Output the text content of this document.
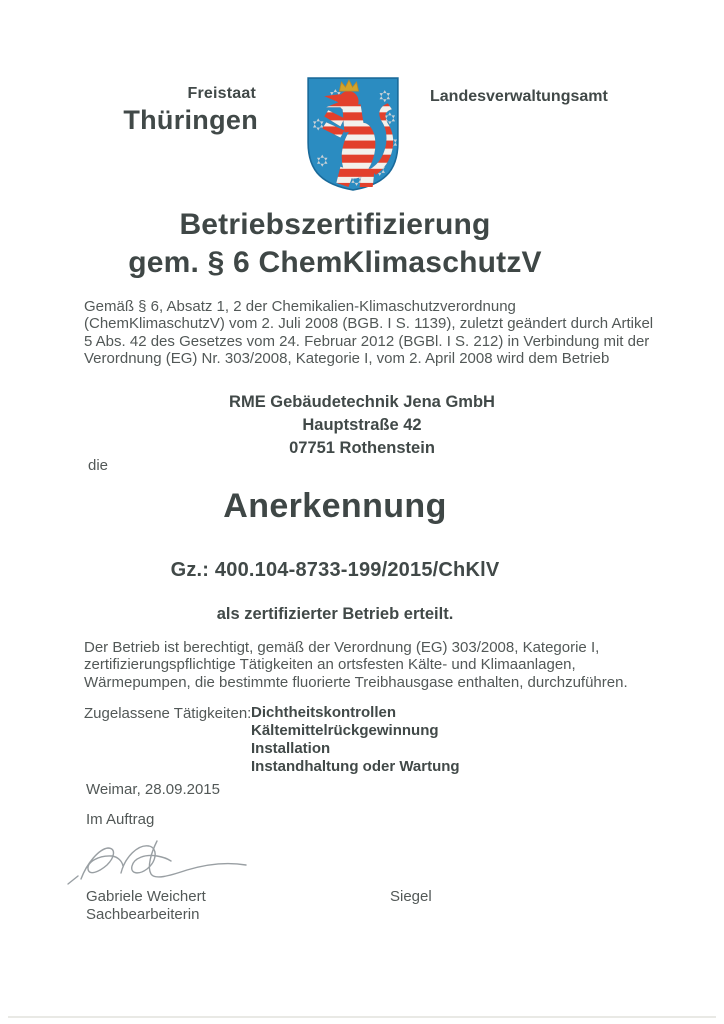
Freistaat
Thüringen
Landesverwaltungsamt
Betriebszertifizierung
gem. § 6 ChemKlimaschutzV
Gemäß § 6, Absatz 1, 2 der Chemikalien-Klimaschutzverordnung (ChemKlimaschutzV) vom 2. Juli 2008 (BGB. I S. 1139), zuletzt geändert durch Artikel 5 Abs. 42 des Gesetzes vom 24. Februar 2012 (BGBl. I S. 212) in Verbindung mit der Verordnung (EG) Nr. 303/2008, Kategorie I, vom 2. April 2008 wird dem Betrieb
RME Gebäudetechnik Jena GmbH
Hauptstraße 42
07751 Rothenstein
die
Anerkennung
Gz.: 400.104-8733-199/2015/ChKlV
als zertifizierter Betrieb erteilt.
Der Betrieb ist berechtigt, gemäß der Verordnung (EG) 303/2008, Kategorie I, zertifizierungspflichtige Tätigkeiten an ortsfesten Kälte- und Klimaanlagen, Wärmepumpen, die bestimmte fluorierte Treibhausgase enthalten, durchzuführen.
Zugelassene Tätigkeiten: Dichtheitskontrollen
Kältemittelrückgewinnung
Installation
Instandhaltung oder Wartung
Weimar, 28.09.2015
Im Auftrag
Gabriele Weichert
Sachbearbeiterin
Siegel
